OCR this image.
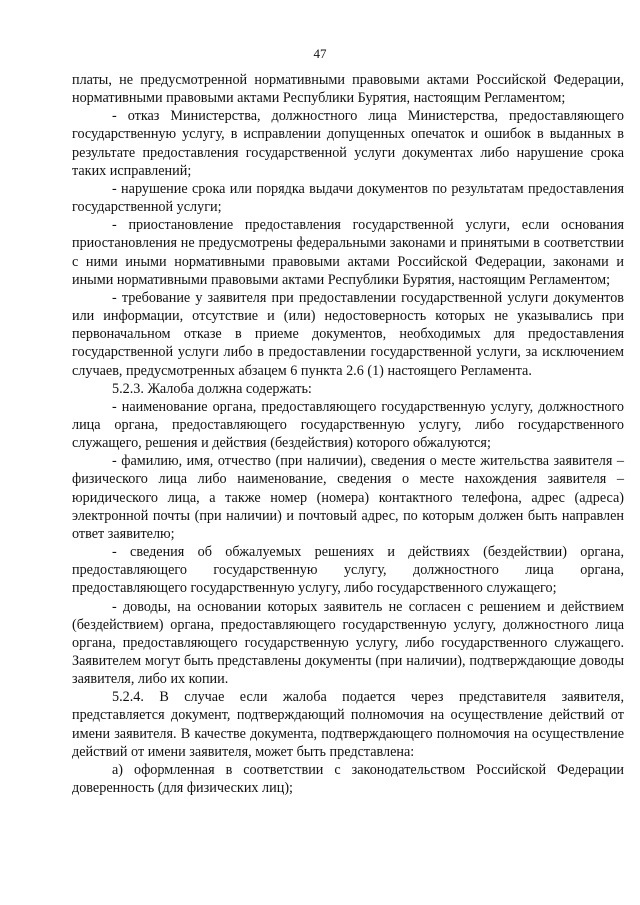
47

платы, не предусмотренной нормативными правовыми актами Российской Федерации, нормативными правовыми актами Республики Бурятия, настоящим Регламентом;

- отказ Министерства, должностного лица Министерства, предоставляющего государственную услугу, в исправлении допущенных опечаток и ошибок в выданных в результате предоставления государственной услуги документах либо нарушение срока таких исправлений;

- нарушение срока или порядка выдачи документов по результатам предоставления государственной услуги;

- приостановление предоставления государственной услуги, если основания приостановления не предусмотрены федеральными законами и принятыми в соответствии с ними иными нормативными правовыми актами Российской Федерации, законами и иными нормативными правовыми актами Республики Бурятия, настоящим Регламентом;

- требование у заявителя при предоставлении государственной услуги документов или информации, отсутствие и (или) недостоверность которых не указывались при первоначальном отказе в приеме документов, необходимых для предоставления государственной услуги либо в предоставлении государственной услуги, за исключением случаев, предусмотренных абзацем 6 пункта 2.6 (1) настоящего Регламента.

5.2.3. Жалоба должна содержать:

- наименование органа, предоставляющего государственную услугу, должностного лица органа, предоставляющего государственную услугу, либо государственного служащего, решения и действия (бездействия) которого обжалуются;

- фамилию, имя, отчество (при наличии), сведения о месте жительства заявителя – физического лица либо наименование, сведения о месте нахождения заявителя – юридического лица, а также номер (номера) контактного телефона, адрес (адреса) электронной почты (при наличии) и почтовый адрес, по которым должен быть направлен ответ заявителю;

- сведения об обжалуемых решениях и действиях (бездействии) органа, предоставляющего государственную услугу, должностного лица органа, предоставляющего государственную услугу, либо государственного служащего;

- доводы, на основании которых заявитель не согласен с решением и действием (бездействием) органа, предоставляющего государственную услугу, должностного лица органа, предоставляющего государственную услугу, либо государственного служащего. Заявителем могут быть представлены документы (при наличии), подтверждающие доводы заявителя, либо их копии.

5.2.4. В случае если жалоба подается через представителя заявителя, представляется документ, подтверждающий полномочия на осуществление действий от имени заявителя. В качестве документа, подтверждающего полномочия на осуществление действий от имени заявителя, может быть представлена:

а) оформленная в соответствии с законодательством Российской Федерации доверенность (для физических лиц);
